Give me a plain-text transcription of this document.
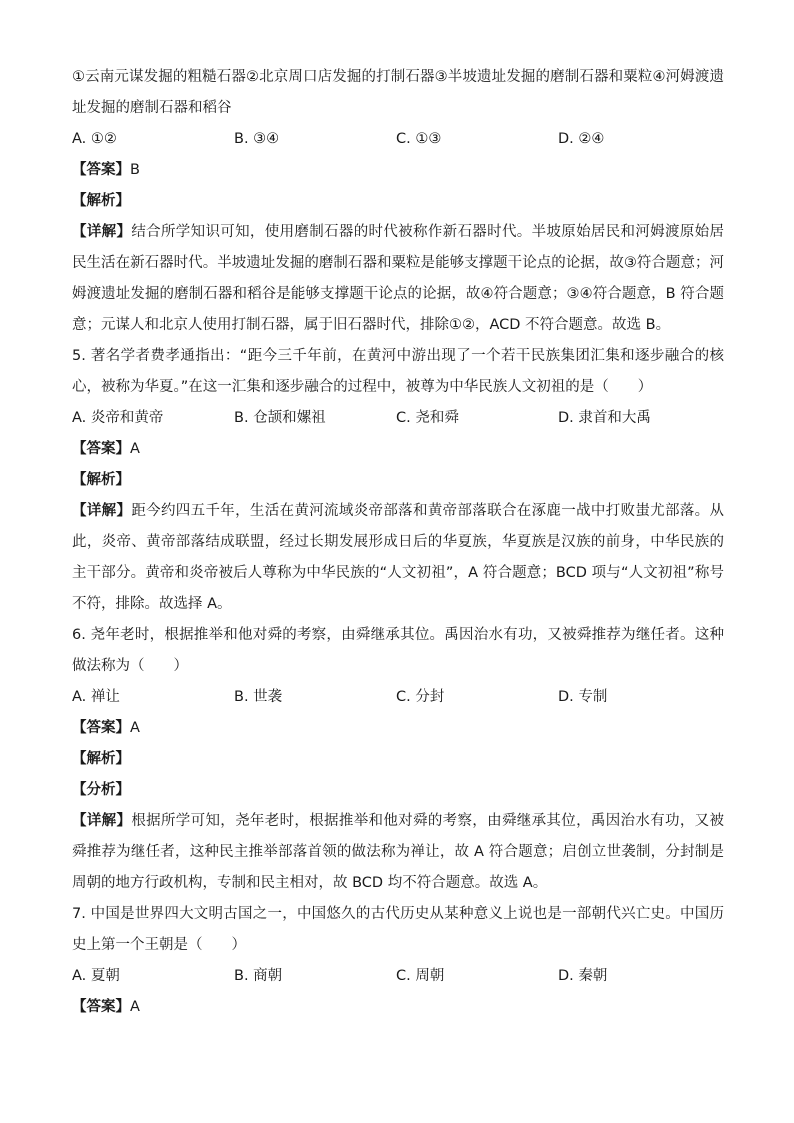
①云南元谋发掘的粗糙石器②北京周口店发掘的打制石器③半坡遗址发掘的磨制石器和粟粒④河姆渡遗址发掘的磨制石器和稻谷

A. ①②	B. ③④	C. ①③	D. ②④

【答案】B

【解析】

【详解】结合所学知识可知，使用磨制石器的时代被称作新石器时代。半坡原始居民和河姆渡原始居民生活在新石器时代。半坡遗址发掘的磨制石器和粟粒是能够支撑题干论点的论据，故③符合题意；河姆渡遗址发掘的磨制石器和稻谷是能够支撑题干论点的论据，故④符合题意；③④符合题意，B 符合题意；元谋人和北京人使用打制石器，属于旧石器时代，排除①②，ACD 不符合题意。故选 B。

5. 著名学者费孝通指出：“距今三千年前，在黄河中游出现了一个若干民族集团汇集和逐步融合的核心，被称为华夏。”在这一汇集和逐步融合的过程中，被尊为中华民族人文初祖的是（　　）

A. 炎帝和黄帝	B. 仓颉和嫘祖	C. 尧和舜	D. 隶首和大禹

【答案】A

【解析】

【详解】距今约四五千年，生活在黄河流域炎帝部落和黄帝部落联合在涿鹿一战中打败蚩尤部落。从此，炎帝、黄帝部落结成联盟，经过长期发展形成日后的华夏族，华夏族是汉族的前身，中华民族的主干部分。黄帝和炎帝被后人尊称为中华民族的“人文初祖”，A 符合题意；BCD 项与“人文初祖”称号不符，排除。故选择 A。

6. 尧年老时，根据推举和他对舜的考察，由舜继承其位。禹因治水有功，又被舜推荐为继任者。这种做法称为（　　）

A. 禅让	B. 世袭	C. 分封	D. 专制

【答案】A

【解析】

【分析】

【详解】根据所学可知，尧年老时，根据推举和他对舜的考察，由舜继承其位，禹因治水有功，又被舜推荐为继任者，这种民主推举部落首领的做法称为禅让，故 A 符合题意；启创立世袭制，分封制是周朝的地方行政机构，专制和民主相对，故 BCD 均不符合题意。故选 A。

7. 中国是世界四大文明古国之一，中国悠久的古代历史从某种意义上说也是一部朝代兴亡史。中国历史上第一个王朝是（　　）

A. 夏朝	B. 商朝	C. 周朝	D. 秦朝

【答案】A
